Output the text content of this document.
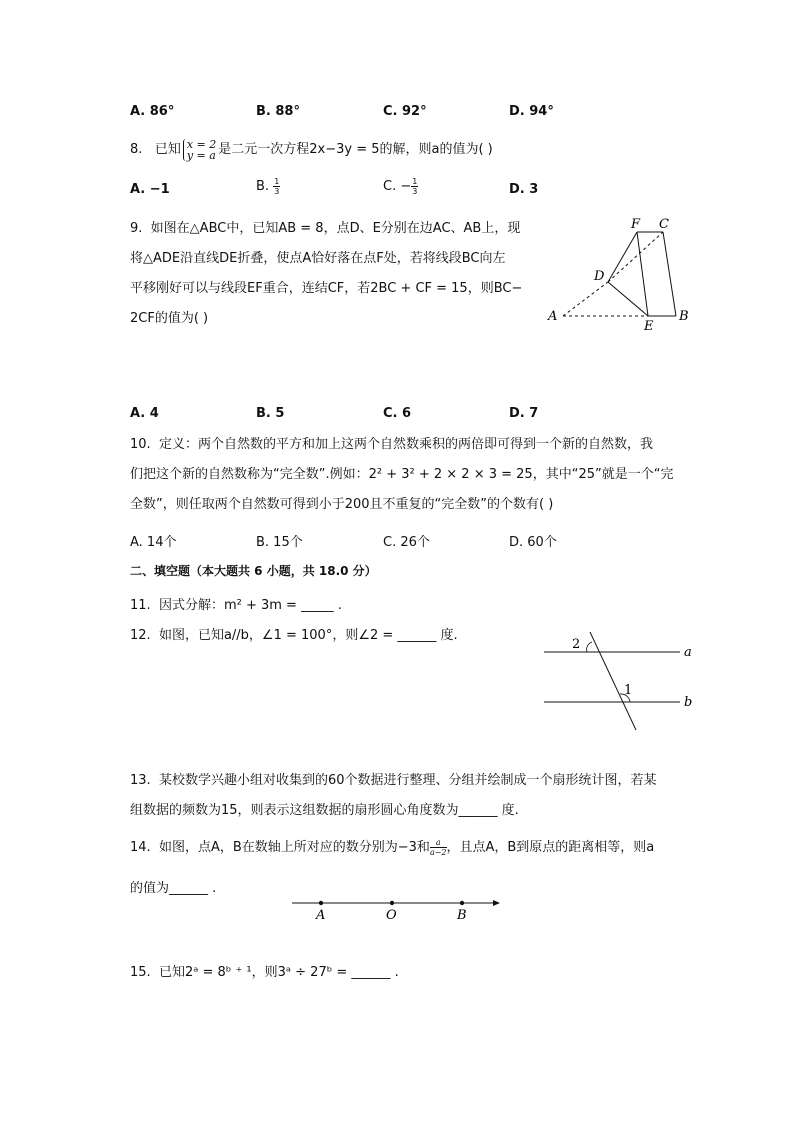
A. 86°	B. 88°	C. 92°	D. 94°
8. 已知 x = 2
y = a 是二元一次方程2x−3y = 5的解，则a的值为( )
A. −1	B. $\frac{1}{3}$	C. − $\frac{1}{3}$	D. 3
9. 如图在△ABC中，已知AB = 8，点D、E分别在边AC、AB上，现
将△ADE沿直线DE折叠，使点A恰好落在点F处，若将线段BC向左
平移刚好可以与线段EF重合，连结CF，若2BC + CF = 15，则BC−
2CF的值为( )
F C
D
A
E
B
A. 4	B. 5	C. 6	D. 7
10. 定义：两个自然数的平方和加上这两个自然数乘积的两倍即可得到一个新的自然数，我
们把这个新的自然数称为“完全数”.例如：2² + 3² + 2 × 2 × 3 = 25，其中“25”就是一个“完
全数”，则任取两个自然数可得到小于200且不重复的“完全数”的个数有( )
A. 14个	B. 15个	C. 26个	D. 60个
二、填空题（本大题共 6 小题，共 18.0 分）
11. 因式分解：m² + 3m = _____ .
12. 如图，已知a//b，∠1 = 100°，则∠2 = ______ 度.
2
1
a
b
13. 某校数学兴趣小组对收集到的60个数据进行整理、分组并绘制成一个扇形统计图，若某
组数据的频数为15，则表示这组数据的扇形圆心角度数为______ 度.
14. 如图，点A，B在数轴上所对应的数分别为−3和 $\frac{a}{a-2}$ ，且点A，B到原点的距离相等，则a
的值为______ .
A	O	B
15. 已知2ᵃ = 8ᵇ ⁺ ¹，则3ᵃ ÷ 27ᵇ = ______ .
